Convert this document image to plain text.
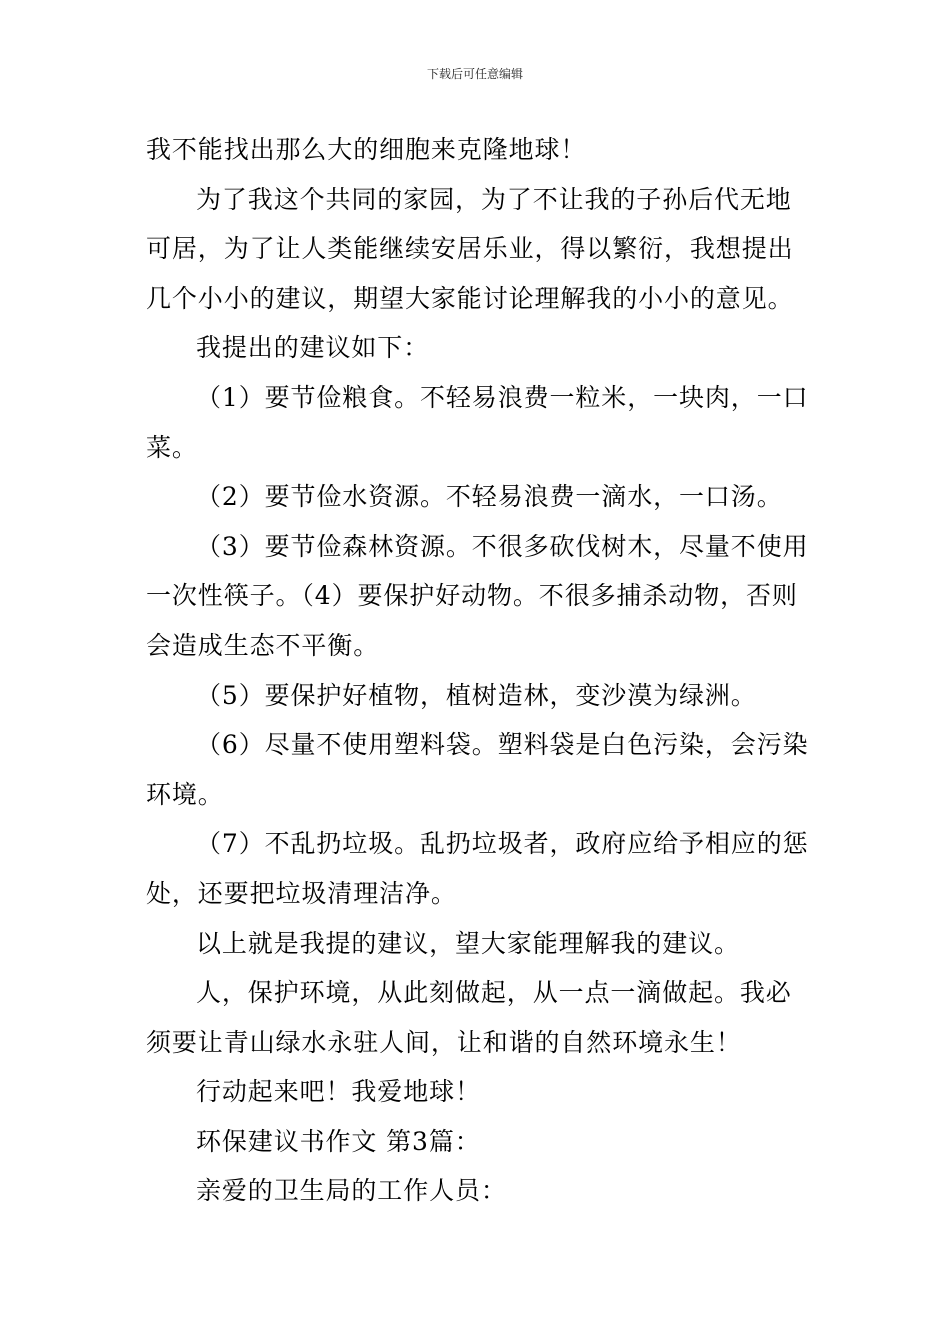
下载后可任意编辑

我不能找出那么大的细胞来克隆地球！

为了我这个共同的家园，为了不让我的子孙后代无地

可居，为了让人类能继续安居乐业，得以繁衍，我想提出

几个小小的建议，期望大家能讨论理解我的小小的意见。

我提出的建议如下：

（1）要节俭粮食。不轻易浪费一粒米，一块肉，一口

菜。

（2）要节俭水资源。不轻易浪费一滴水，一口汤。

（3）要节俭森林资源。不很多砍伐树木，尽量不使用

一次性筷子。（4）要保护好动物。不很多捕杀动物，否则

会造成生态不平衡。

（5）要保护好植物，植树造林，变沙漠为绿洲。

（6）尽量不使用塑料袋。塑料袋是白色污染，会污染

环境。

（7）不乱扔垃圾。乱扔垃圾者，政府应给予相应的惩

处，还要把垃圾清理洁净。

以上就是我提的建议，望大家能理解我的建议。

人，保护环境，从此刻做起，从一点一滴做起。我必

须要让青山绿水永驻人间，让和谐的自然环境永生！

行动起来吧！我爱地球！

环保建议书作文 第3篇：

亲爱的卫生局的工作人员：
